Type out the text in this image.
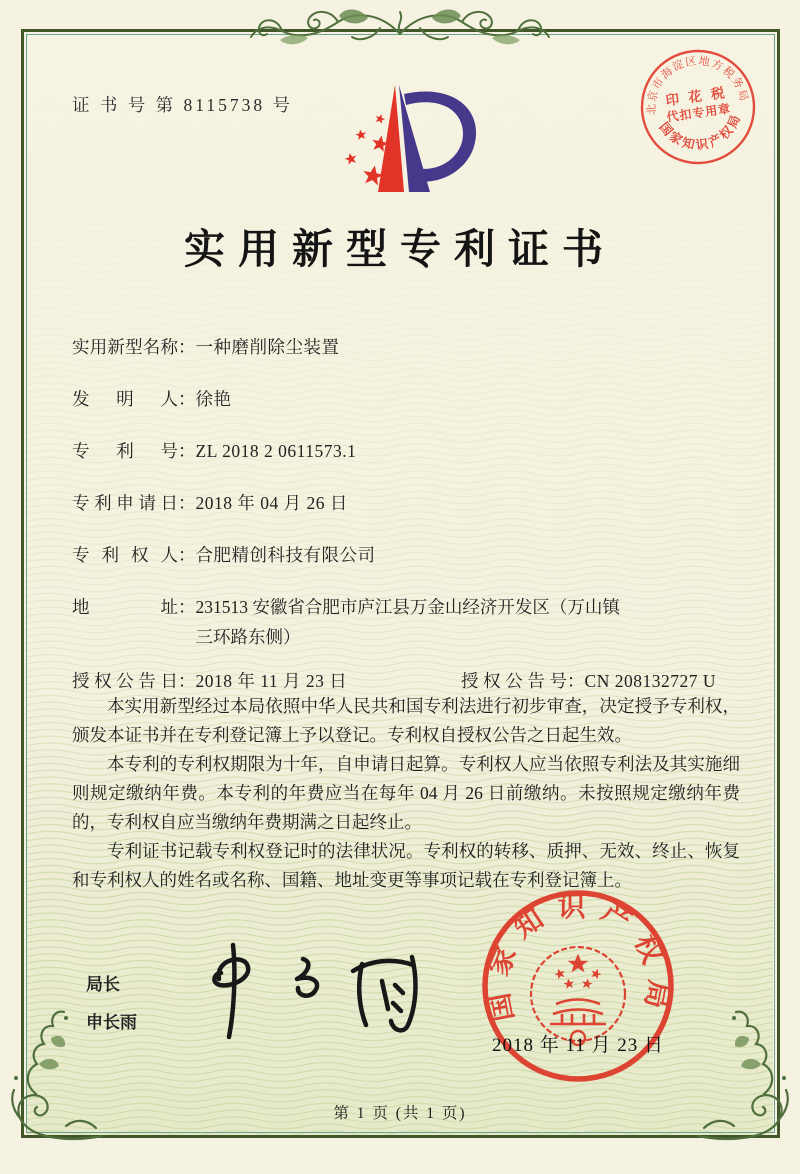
证 书 号 第 8115738 号
实用新型专利证书
实用新型名称：一种磨削除尘装置
发明人：徐艳
专利号：ZL 2018 2 0611573.1
专利申请日：2018 年 04 月 26 日
专利权人：合肥精创科技有限公司
地址： 231513 安徽省合肥市庐江县万金山经济开发区（万山镇
三环路东侧）
授权公告日：2018 年 11 月 23 日	授权公告号：CN 208132727 U

本实用新型经过本局依照中华人民共和国专利法进行初步审查，决定授予专利权，颁发本证书并在专利登记簿上予以登记。专利权自授权公告之日起生效。

本专利的专利权期限为十年，自申请日起算。专利权人应当依照专利法及其实施细则规定缴纳年费。本专利的年费应当在每年 04 月 26 日前缴纳。未按照规定缴纳年费的，专利权自应当缴纳年费期满之日起终止。

专利证书记载专利权登记时的法律状况。专利权的转移、质押、无效、终止、恢复和专利权人的姓名或名称、国籍、地址变更等事项记载在专利登记簿上。

局长
申长雨	国家知识产权局
2018 年 11 月 23 日
北京市海淀区地方税务局
印 花 税
代扣专用章
国家知识产权局
第 1 页 (共 1 页)
